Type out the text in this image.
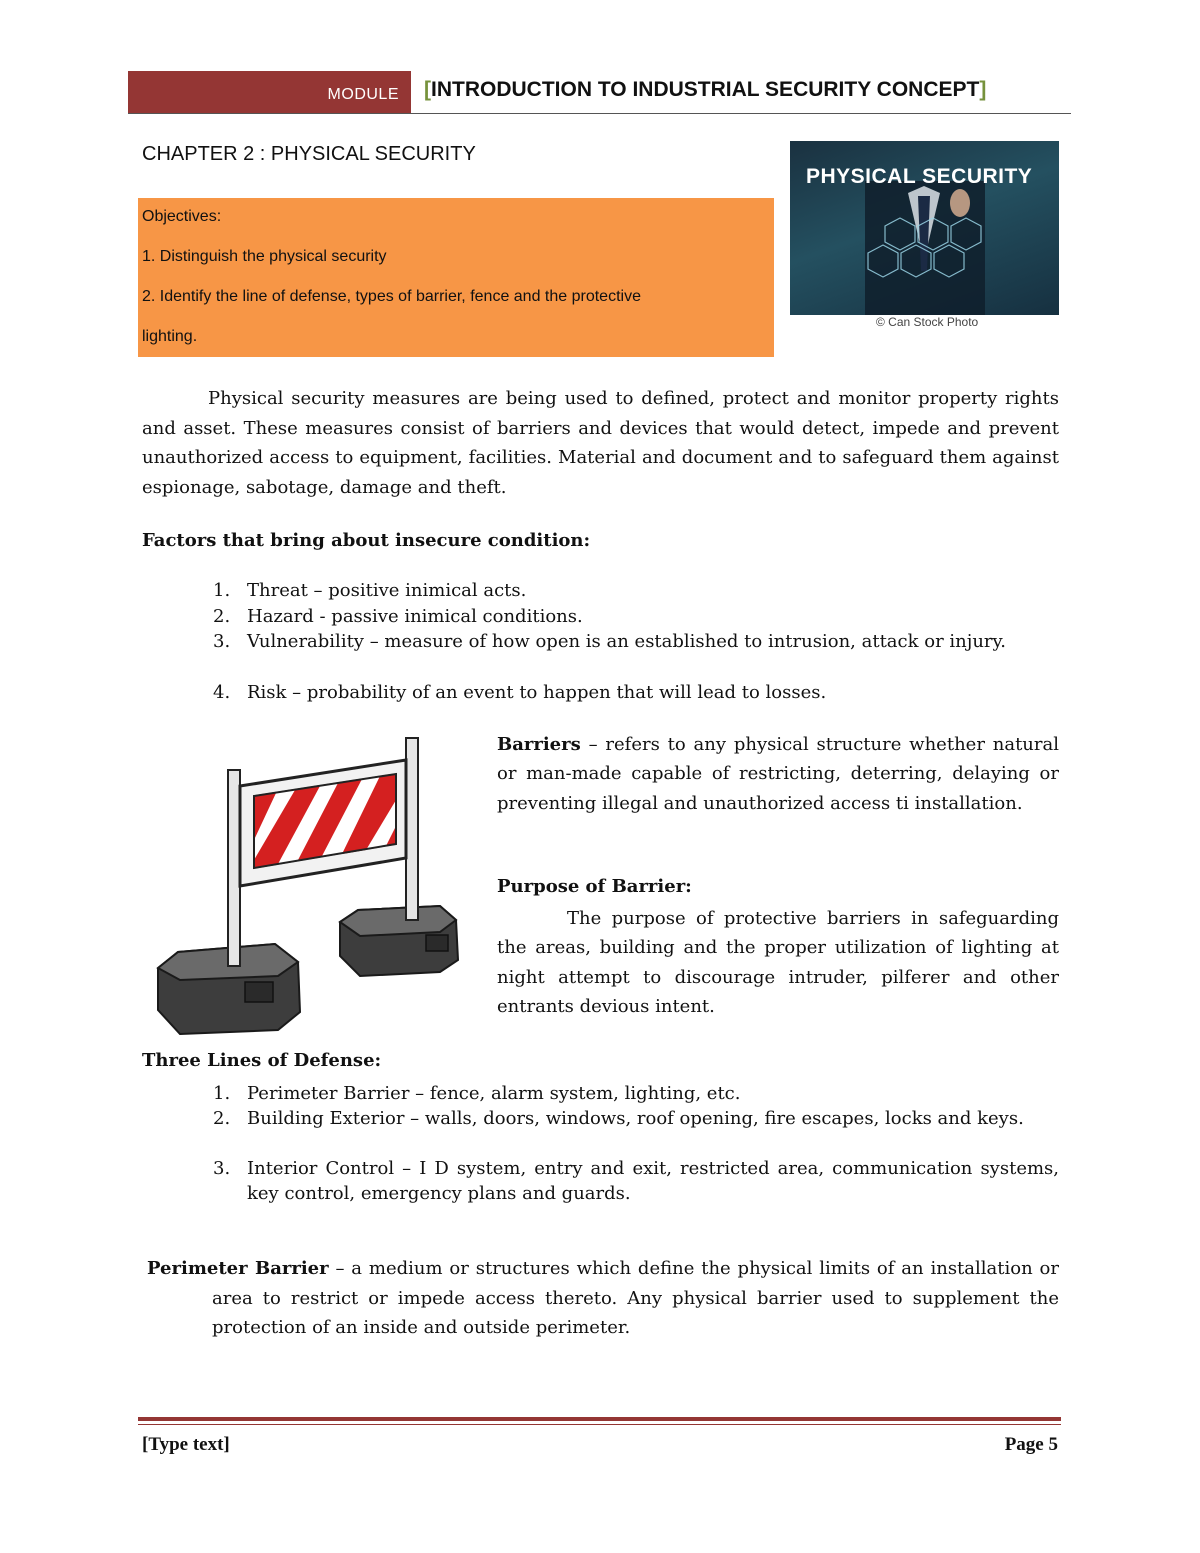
MODULE	[INTRODUCTION TO INDUSTRIAL SECURITY CONCEPT]
CHAPTER 2 : PHYSICAL SECURITY
Objectives:
1. Distinguish the physical security
2. Identify the line of defense, types of barrier, fence and the protective
lighting.
PHYSICAL SECURITY
© Can Stock Photo
Physical security measures are being used to defined, protect and monitor property rights and asset. These measures consist of barriers and devices that would detect, impede and prevent unauthorized access to equipment, facilities. Material and document and to safeguard them against espionage, sabotage, damage and theft.
Factors that bring about insecure condition:
1. Threat – positive inimical acts.
2. Hazard - passive inimical conditions.
3. Vulnerability – measure of how open is an established to intrusion, attack or injury.
4. Risk – probability of an event to happen that will lead to losses.
Barriers – refers to any physical structure whether natural or man-made capable of restricting, deterring, delaying or preventing illegal and unauthorized access ti installation.
Purpose of Barrier:
The purpose of protective barriers in safeguarding the areas, building and the proper utilization of lighting at night attempt to discourage intruder, pilferer and other entrants devious intent.
Three Lines of Defense:
1. Perimeter Barrier – fence, alarm system, lighting, etc.
2. Building Exterior – walls, doors, windows, roof opening, fire escapes, locks and keys.
3. Interior Control – I D system, entry and exit, restricted area, communication systems, key control, emergency plans and guards.
Perimeter Barrier – a medium or structures which define the physical limits of an installation or area to restrict or impede access thereto. Any physical barrier used to supplement the protection of an inside and outside perimeter.
[Type text]	Page 5
